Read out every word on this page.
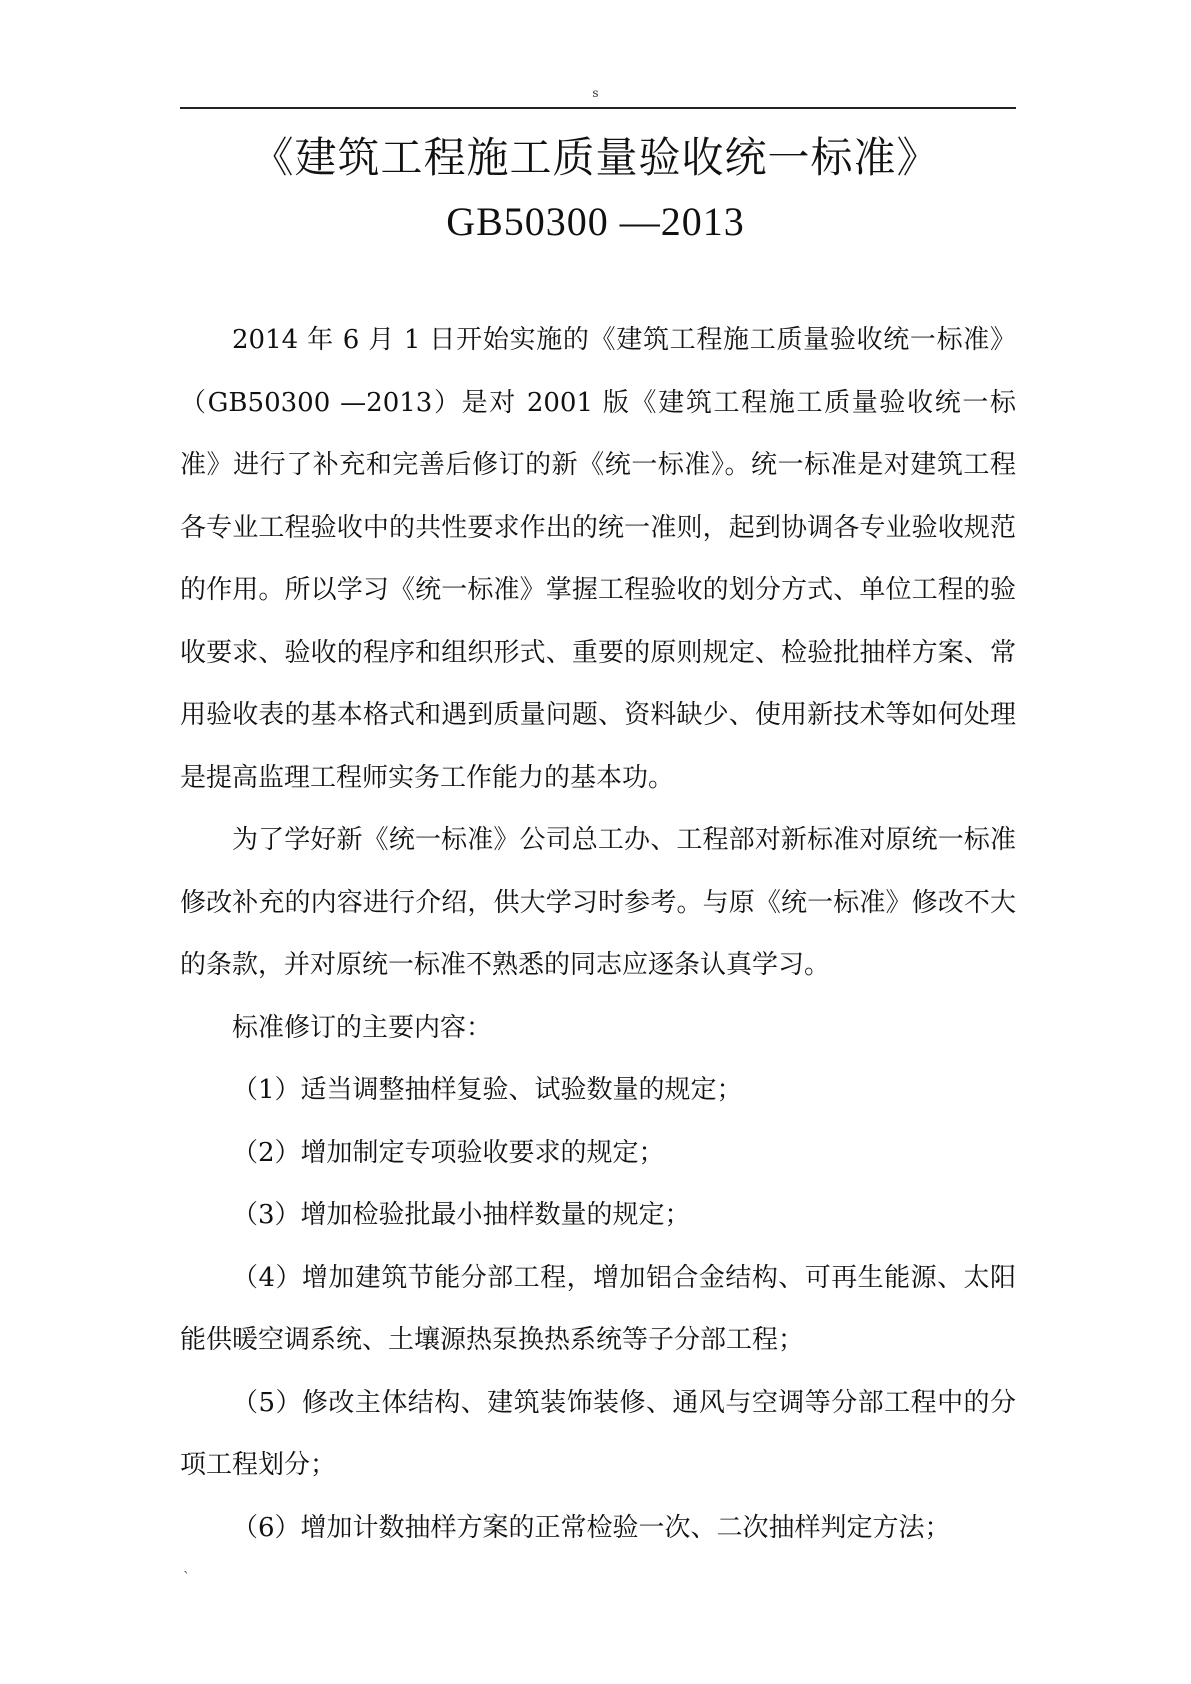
s
《建筑工程施工质量验收统一标准》
GB50300 —2013

2014 年 6 月 1 日开始实施的《建筑工程施工质量验收统一标准》（GB50300 —2013）是对 2001 版《建筑工程施工质量验收统一标准》进行了补充和完善后修订的新《统一标准》。统一标准是对建筑工程各专业工程验收中的共性要求作出的统一准则，起到协调各专业验收规范的作用。所以学习《统一标准》掌握工程验收的划分方式、单位工程的验收要求、验收的程序和组织形式、重要的原则规定、检验批抽样方案、常用验收表的基本格式和遇到质量问题、资料缺少、使用新技术等如何处理是提高监理工程师实务工作能力的基本功。

为了学好新《统一标准》公司总工办、工程部对新标准对原统一标准修改补充的内容进行介绍，供大学习时参考。与原《统一标准》修改不大的条款，并对原统一标准不熟悉的同志应逐条认真学习。

标准修订的主要内容：

（1）适当调整抽样复验、试验数量的规定；

（2）增加制定专项验收要求的规定；

（3）增加检验批最小抽样数量的规定；

（4）增加建筑节能分部工程，增加铝合金结构、可再生能源、太阳能供暖空调系统、土壤源热泵换热系统等子分部工程；

（5）修改主体结构、建筑装饰装修、通风与空调等分部工程中的分项工程划分；

（6）增加计数抽样方案的正常检验一次、二次抽样判定方法；

`
